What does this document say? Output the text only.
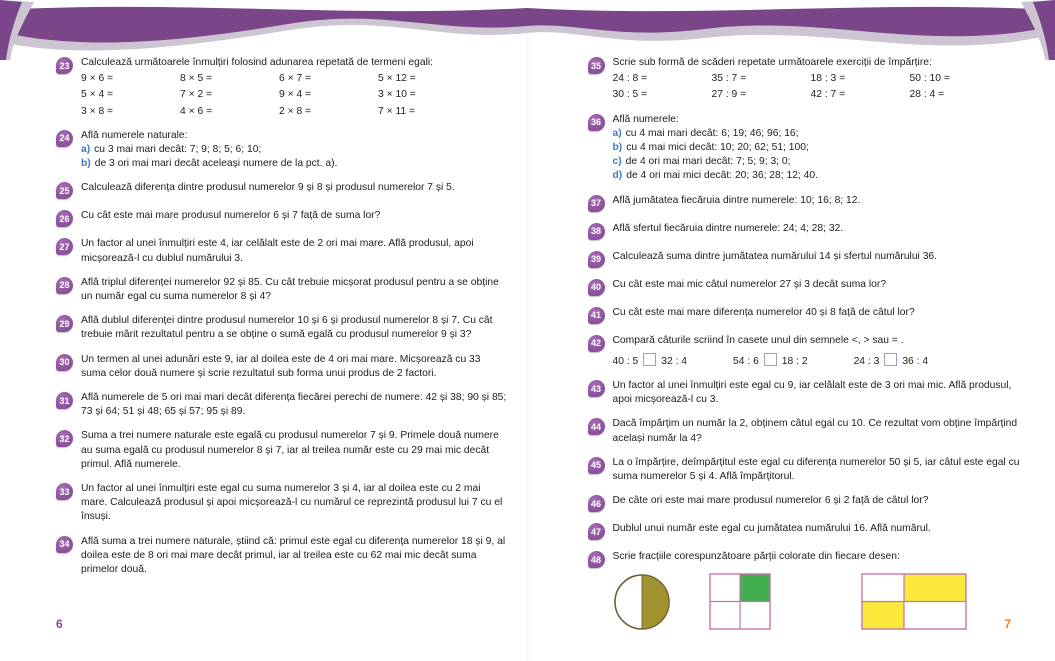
23	Calculează următoarele înmulțiri folosind adunarea repetată de termeni egali:
9 × 6 =	8 × 5 =	6 × 7 =	5 × 12 =
5 × 4 =	7 × 2 =	9 × 4 =	3 × 10 =
3 × 8 =	4 × 6 =	2 × 8 =	7 × 11 =
24	Află numerele naturale:
a) cu 3 mai mari decât: 7; 9; 8; 5; 6; 10;
b) de 3 ori mai mari decât aceleași numere de la pct. a).
25	Calculează diferența dintre produsul numerelor 9 și 8 și produsul numerelor 7 și 5.
26	Cu cât este mai mare produsul numerelor 6 și 7 față de suma lor?
27	Un factor al unei înmulțiri este 4, iar celălalt este de 2 ori mai mare. Află produsul, apoi micșorează-l cu dublul numărului 3.
28	Află triplul diferenței numerelor 92 și 85. Cu cât trebuie micșorat produsul pentru a se obține un număr egal cu suma numerelor 8 și 4?
29	Află dublul diferenței dintre produsul numerelor 10 și 6 și produsul numerelor 8 și 7. Cu cât trebuie mărit rezultatul pentru a se obține o sumă egală cu produsul numerelor 9 și 3?
30	Un termen al unei adunări este 9, iar al doilea este de 4 ori mai mare. Micșorează cu 33 suma celor două numere și scrie rezultatul sub forma unui produs de 2 factori.
31	Află numerele de 5 ori mai mari decât diferența fiecărei perechi de numere: 42 și 38; 90 și 85; 73 și 64; 51 și 48; 65 și 57; 95 și 89.
32	Suma a trei numere naturale este egală cu produsul numerelor 7 și 9. Primele două numere au suma egală cu produsul numerelor 8 și 7, iar al treilea număr este cu 29 mai mic decât primul. Află numerele.
33	Un factor al unei înmulțiri este egal cu suma numerelor 3 și 4, iar al doilea este cu 2 mai mare. Calculează produsul și apoi micșorează-l cu numărul ce reprezintă produsul lui 7 cu el însuși.
34	Află suma a trei numere naturale, știind că: primul este egal cu diferența numerelor 18 și 9, al doilea este de 8 ori mai mare decât primul, iar al treilea este cu 62 mai mic decât suma primelor două.
6
35	Scrie sub formă de scăderi repetate următoarele exerciții de împărțire:
24 : 8 =	35 : 7 =	18 : 3 =	50 : 10 =
30 : 5 =	27 : 9 =	42 : 7 =	28 : 4 =
36	Află numerele:
a) cu 4 mai mari decât: 6; 19; 46; 96; 16;
b) cu 4 mai mici decât: 10; 20; 62; 51; 100;
c) de 4 ori mai mari decât: 7; 5; 9; 3; 0;
d) de 4 ori mai mici decât: 20; 36; 28; 12; 40.
37	Află jumătatea fiecăruia dintre numerele: 10; 16; 8; 12.
38	Află sfertul fiecăruia dintre numerele: 24; 4; 28; 32.
39	Calculează suma dintre jumătatea numărului 14 și sfertul numărului 36.
40	Cu cât este mai mic câtul numerelor 27 și 3 decât suma lor?
41	Cu cât este mai mare diferența numerelor 40 și 8 față de câtul lor?
42	Compară câturile scriind în casete unul din semnele <, > sau = .
40 : 5 32 : 4	54 : 6 18 : 2	24 : 3 36 : 4
43	Un factor al unei înmulțiri este egal cu 9, iar celălalt este de 3 ori mai mic. Află produsul, apoi micșorează-l cu 3.
44	Dacă împărțim un număr la 2, obținem câtul egal cu 10. Ce rezultat vom obține împărțind același număr la 4?
45	La o împărțire, deîmpărțitul este egal cu diferența numerelor 50 și 5, iar câtul este egal cu suma numerelor 5 și 4. Află împărțitorul.
46	De câte ori este mai mare produsul numerelor 6 și 2 față de câtul lor?
47	Dublul unui număr este egal cu jumătatea numărului 16. Află numărul.
48	Scrie fracțiile corespunzătoare părții colorate din fiecare desen:
7
